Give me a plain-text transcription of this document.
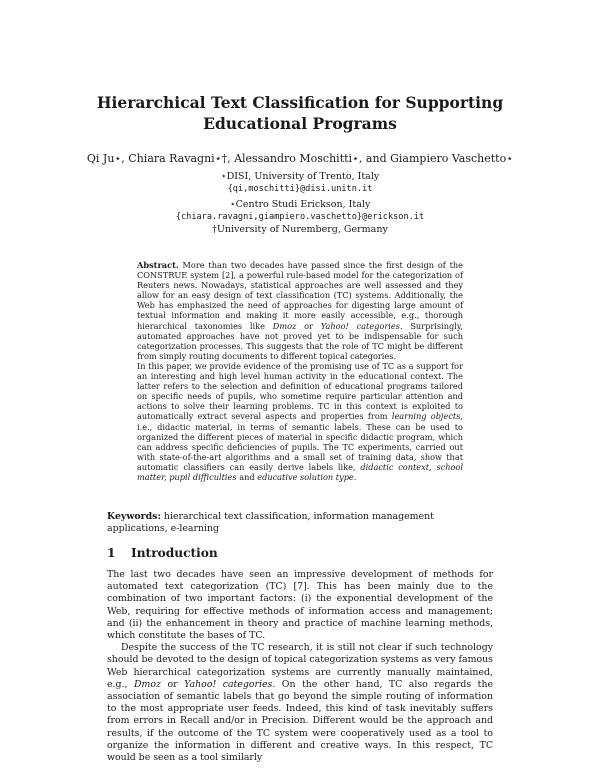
Hierarchical Text Classification for Supporting
Educational Programs
Qi Ju⋆, Chiara Ravagni⋆†, Alessandro Moschitti⋆, and Giampiero Vaschetto⋆
⋆DISI, University of Trento, Italy
{qi,moschitti}@disi.unitn.it
⋆Centro Studi Erickson, Italy
{chiara.ravagni,giampiero.vaschetto}@erickson.it
†University of Nuremberg, Germany

Abstract. More than two decades have passed since the first design of the CONSTRUE system [2], a powerful rule-based model for the categorization of Reuters news. Nowadays, statistical approaches are well assessed and they allow for an easy design of text classification (TC) systems. Additionally, the Web has emphasized the need of approaches for digesting large amount of textual information and making it more easily accessible, e.g., thorough hierarchical taxonomies like Dmoz or Yahoo! categories. Surprisingly, automated approaches have not proved yet to be indispensable for such categorization processes. This suggests that the role of TC might be different from simply routing documents to different topical categories.

In this paper, we provide evidence of the promising use of TC as a support for an interesting and high level human activity in the educational context. The latter refers to the selection and definition of educational programs tailored on specific needs of pupils, who sometime require particular attention and actions to solve their learning problems. TC in this context is exploited to automatically extract several aspects and properties from learning objects, i.e., didactic material, in terms of semantic labels. These can be used to organized the different pieces of material in specific didactic program, which can address specific deficiencies of pupils. The TC experiments, carried out with state-of-the-art algorithms and a small set of training data, show that automatic classifiers can easily derive labels like, didactic context, school matter, pupil difficulties and educative solution type.

Keywords: hierarchical text classification, information management applications, e-learning
1 Introduction

The last two decades have seen an impressive development of methods for automated text categorization (TC) [7]. This has been mainly due to the combination of two important factors: (i) the exponential development of the Web, requiring for effective methods of information access and management; and (ii) the enhancement in theory and practice of machine learning methods, which constitute the bases of TC.

Despite the success of the TC research, it is still not clear if such technology should be devoted to the design of topical categorization systems as very famous Web hierarchical categorization systems are currently manually maintained, e.g., Dmoz or Yahoo! categories. On the other hand, TC also regards the association of semantic labels that go beyond the simple routing of information to the most appropriate user feeds. Indeed, this kind of task inevitably suffers from errors in Recall and/or in Precision. Different would be the approach and results, if the outcome of the TC system were cooperatively used as a tool to organize the information in different and creative ways. In this respect, TC would be seen as a tool similarly
